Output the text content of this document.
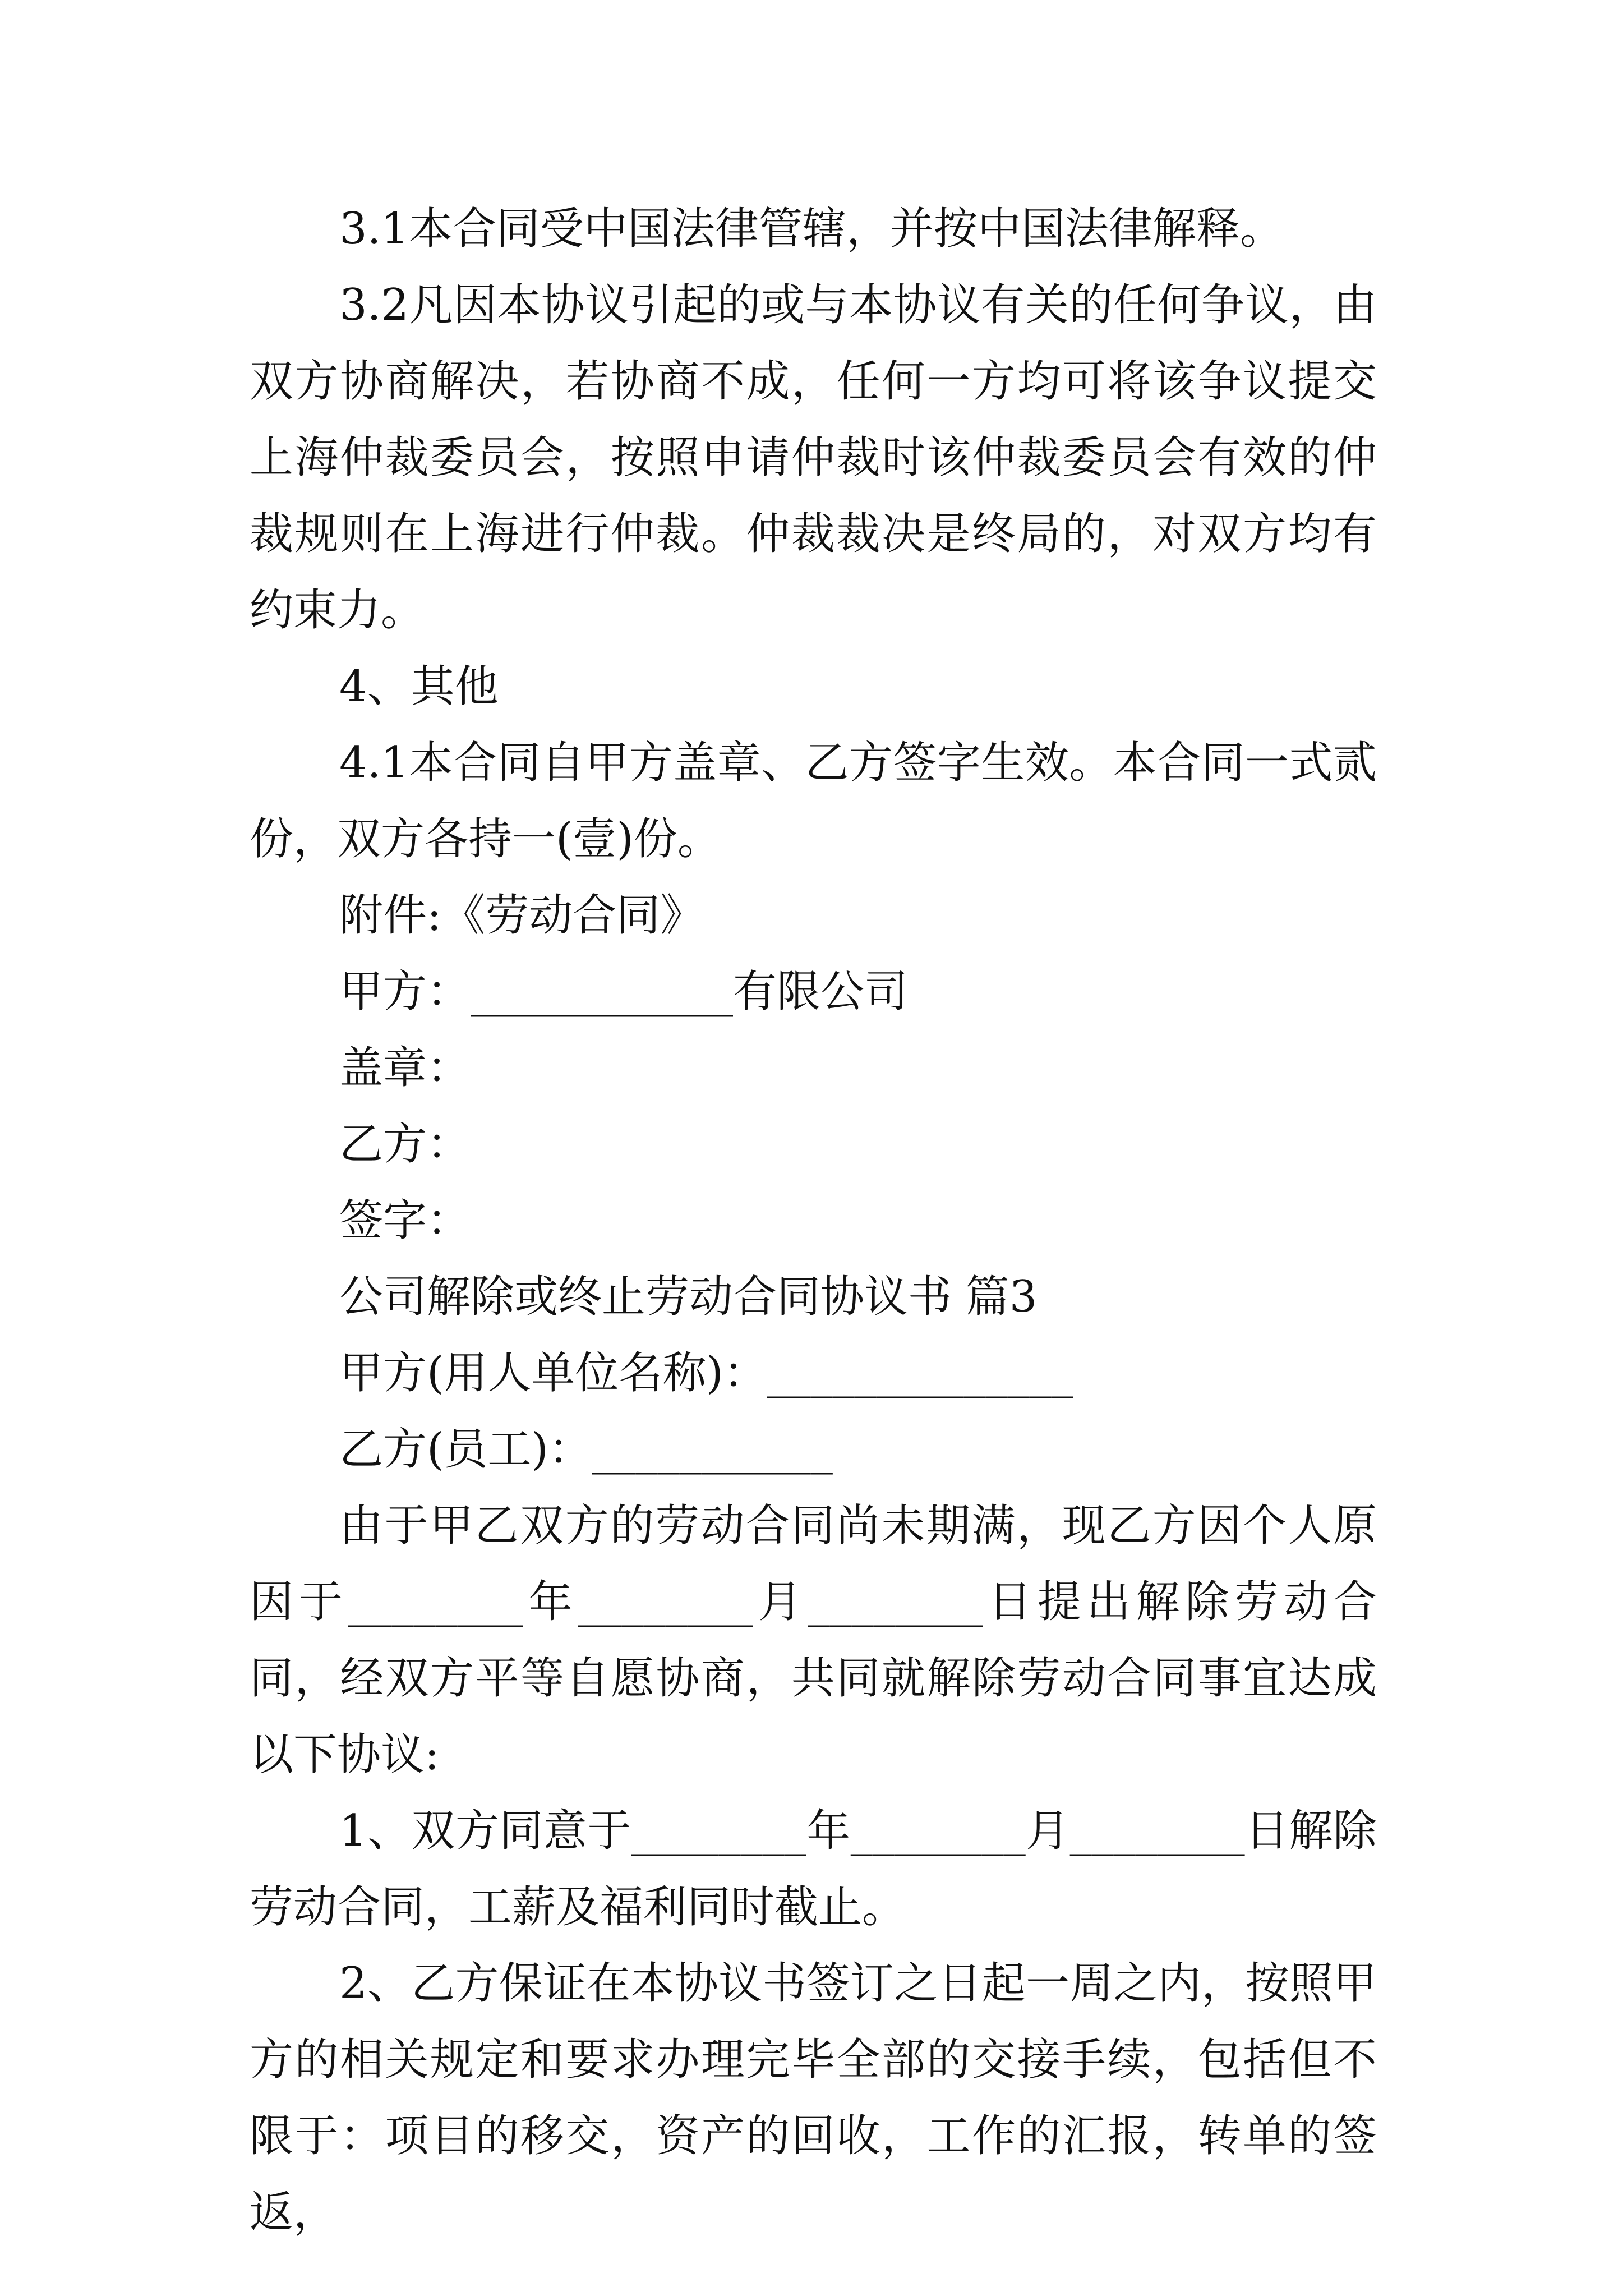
3.1本合同受中国法律管辖，并按中国法律解释。

3.2凡因本协议引起的或与本协议有关的任何争议，由双方协商解决，若协商不成，任何一方均可将该争议提交上海仲裁委员会，按照申请仲裁时该仲裁委员会有效的仲裁规则在上海进行仲裁。仲裁裁决是终局的，对双方均有约束力。

4、其他

4.1本合同自甲方盖章、乙方签字生效。本合同一式贰份，双方各持一(壹)份。

附件:《劳动合同》

甲方：____________有限公司

盖章：

乙方：

签字：

公司解除或终止劳动合同协议书 篇3

甲方(用人单位名称)：______________

乙方(员工)：___________

由于甲乙双方的劳动合同尚未期满，现乙方因个人原因于________年________月________日提出解除劳动合同，经双方平等自愿协商，共同就解除劳动合同事宜达成以下协议:

1、双方同意于________年________月________日解除劳动合同，工薪及福利同时截止。

2、乙方保证在本协议书签订之日起一周之内，按照甲方的相关规定和要求办理完毕全部的交接手续，包括但不限于：项目的移交，资产的回收，工作的汇报，转单的签返，
